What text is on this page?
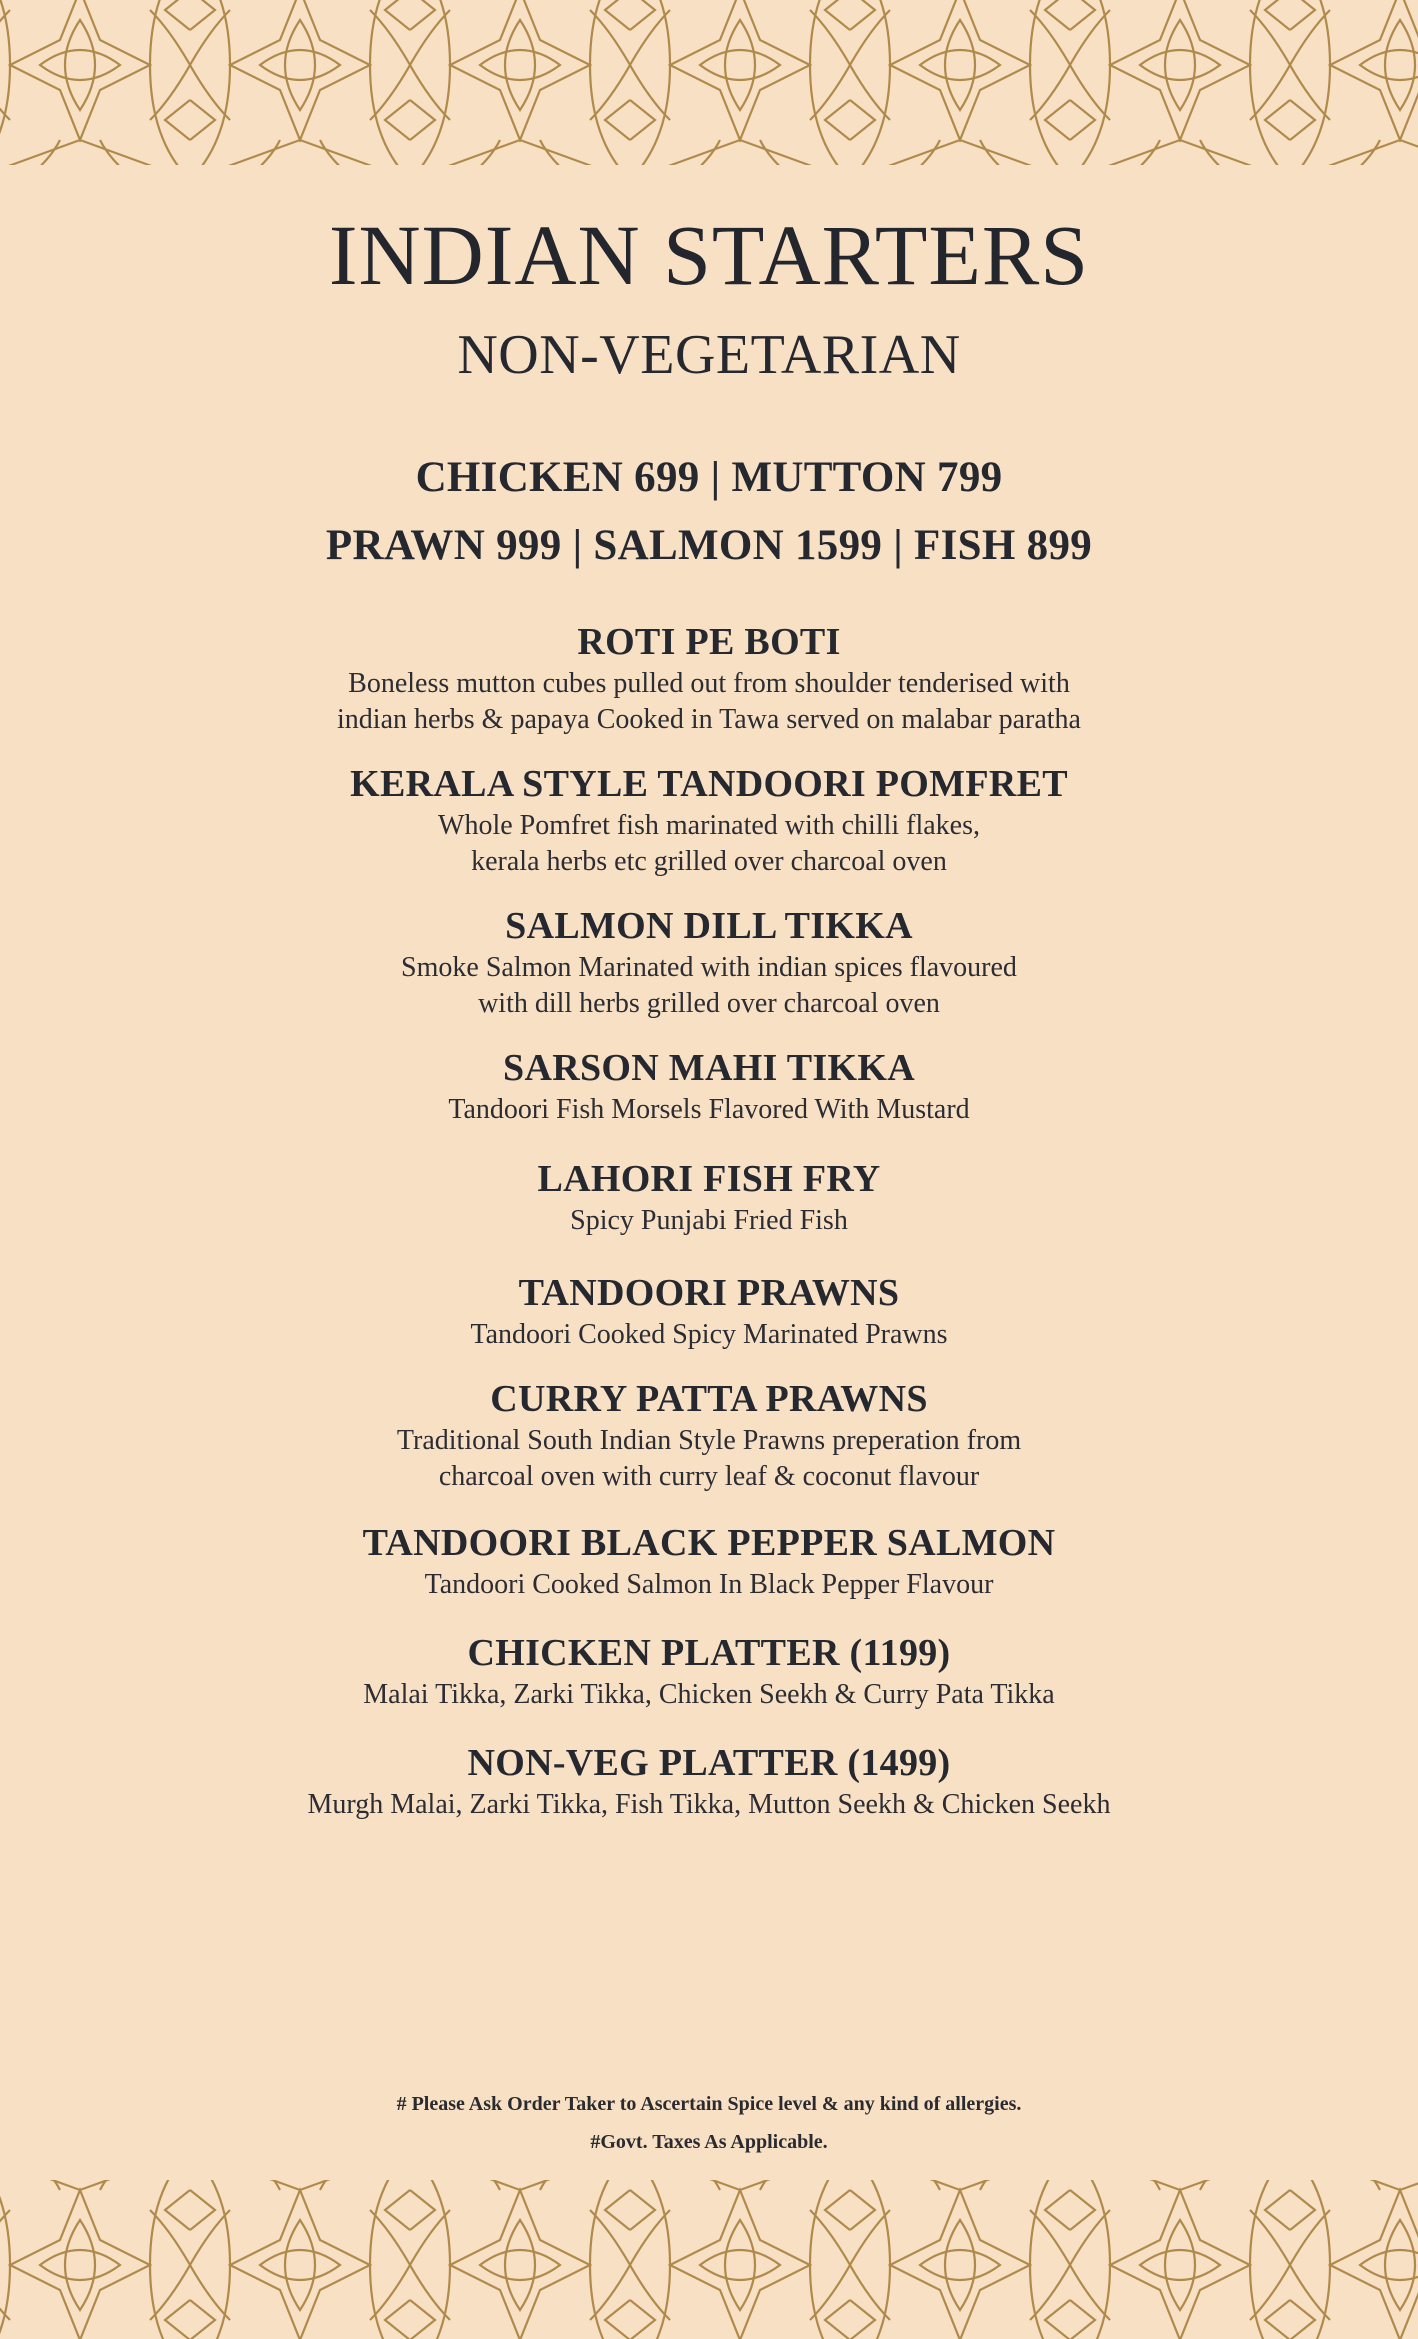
INDIAN STARTERS
NON-VEGETARIAN

CHICKEN 699 | MUTTON 799

PRAWN 999 | SALMON 1599 | FISH 899

ROTI PE BOTI
Boneless mutton cubes pulled out from shoulder tenderised with
indian herbs & papaya Cooked in Tawa served on malabar paratha
KERALA STYLE TANDOORI POMFRET
Whole Pomfret fish marinated with chilli flakes,
kerala herbs etc grilled over charcoal oven
SALMON DILL TIKKA
Smoke Salmon Marinated with indian spices flavoured
with dill herbs grilled over charcoal oven
SARSON MAHI TIKKA
Tandoori Fish Morsels Flavored With Mustard
LAHORI FISH FRY
Spicy Punjabi Fried Fish
TANDOORI PRAWNS
Tandoori Cooked Spicy Marinated Prawns
CURRY PATTA PRAWNS
Traditional South Indian Style Prawns preperation from
charcoal oven with curry leaf & coconut flavour
TANDOORI BLACK PEPPER SALMON
Tandoori Cooked Salmon In Black Pepper Flavour
CHICKEN PLATTER (1199)
Malai Tikka, Zarki Tikka, Chicken Seekh & Curry Pata Tikka
NON-VEG PLATTER (1499)
Murgh Malai, Zarki Tikka, Fish Tikka, Mutton Seekh & Chicken Seekh
# Please Ask Order Taker to Ascertain Spice level & any kind of allergies.
#Govt. Taxes As Applicable.
